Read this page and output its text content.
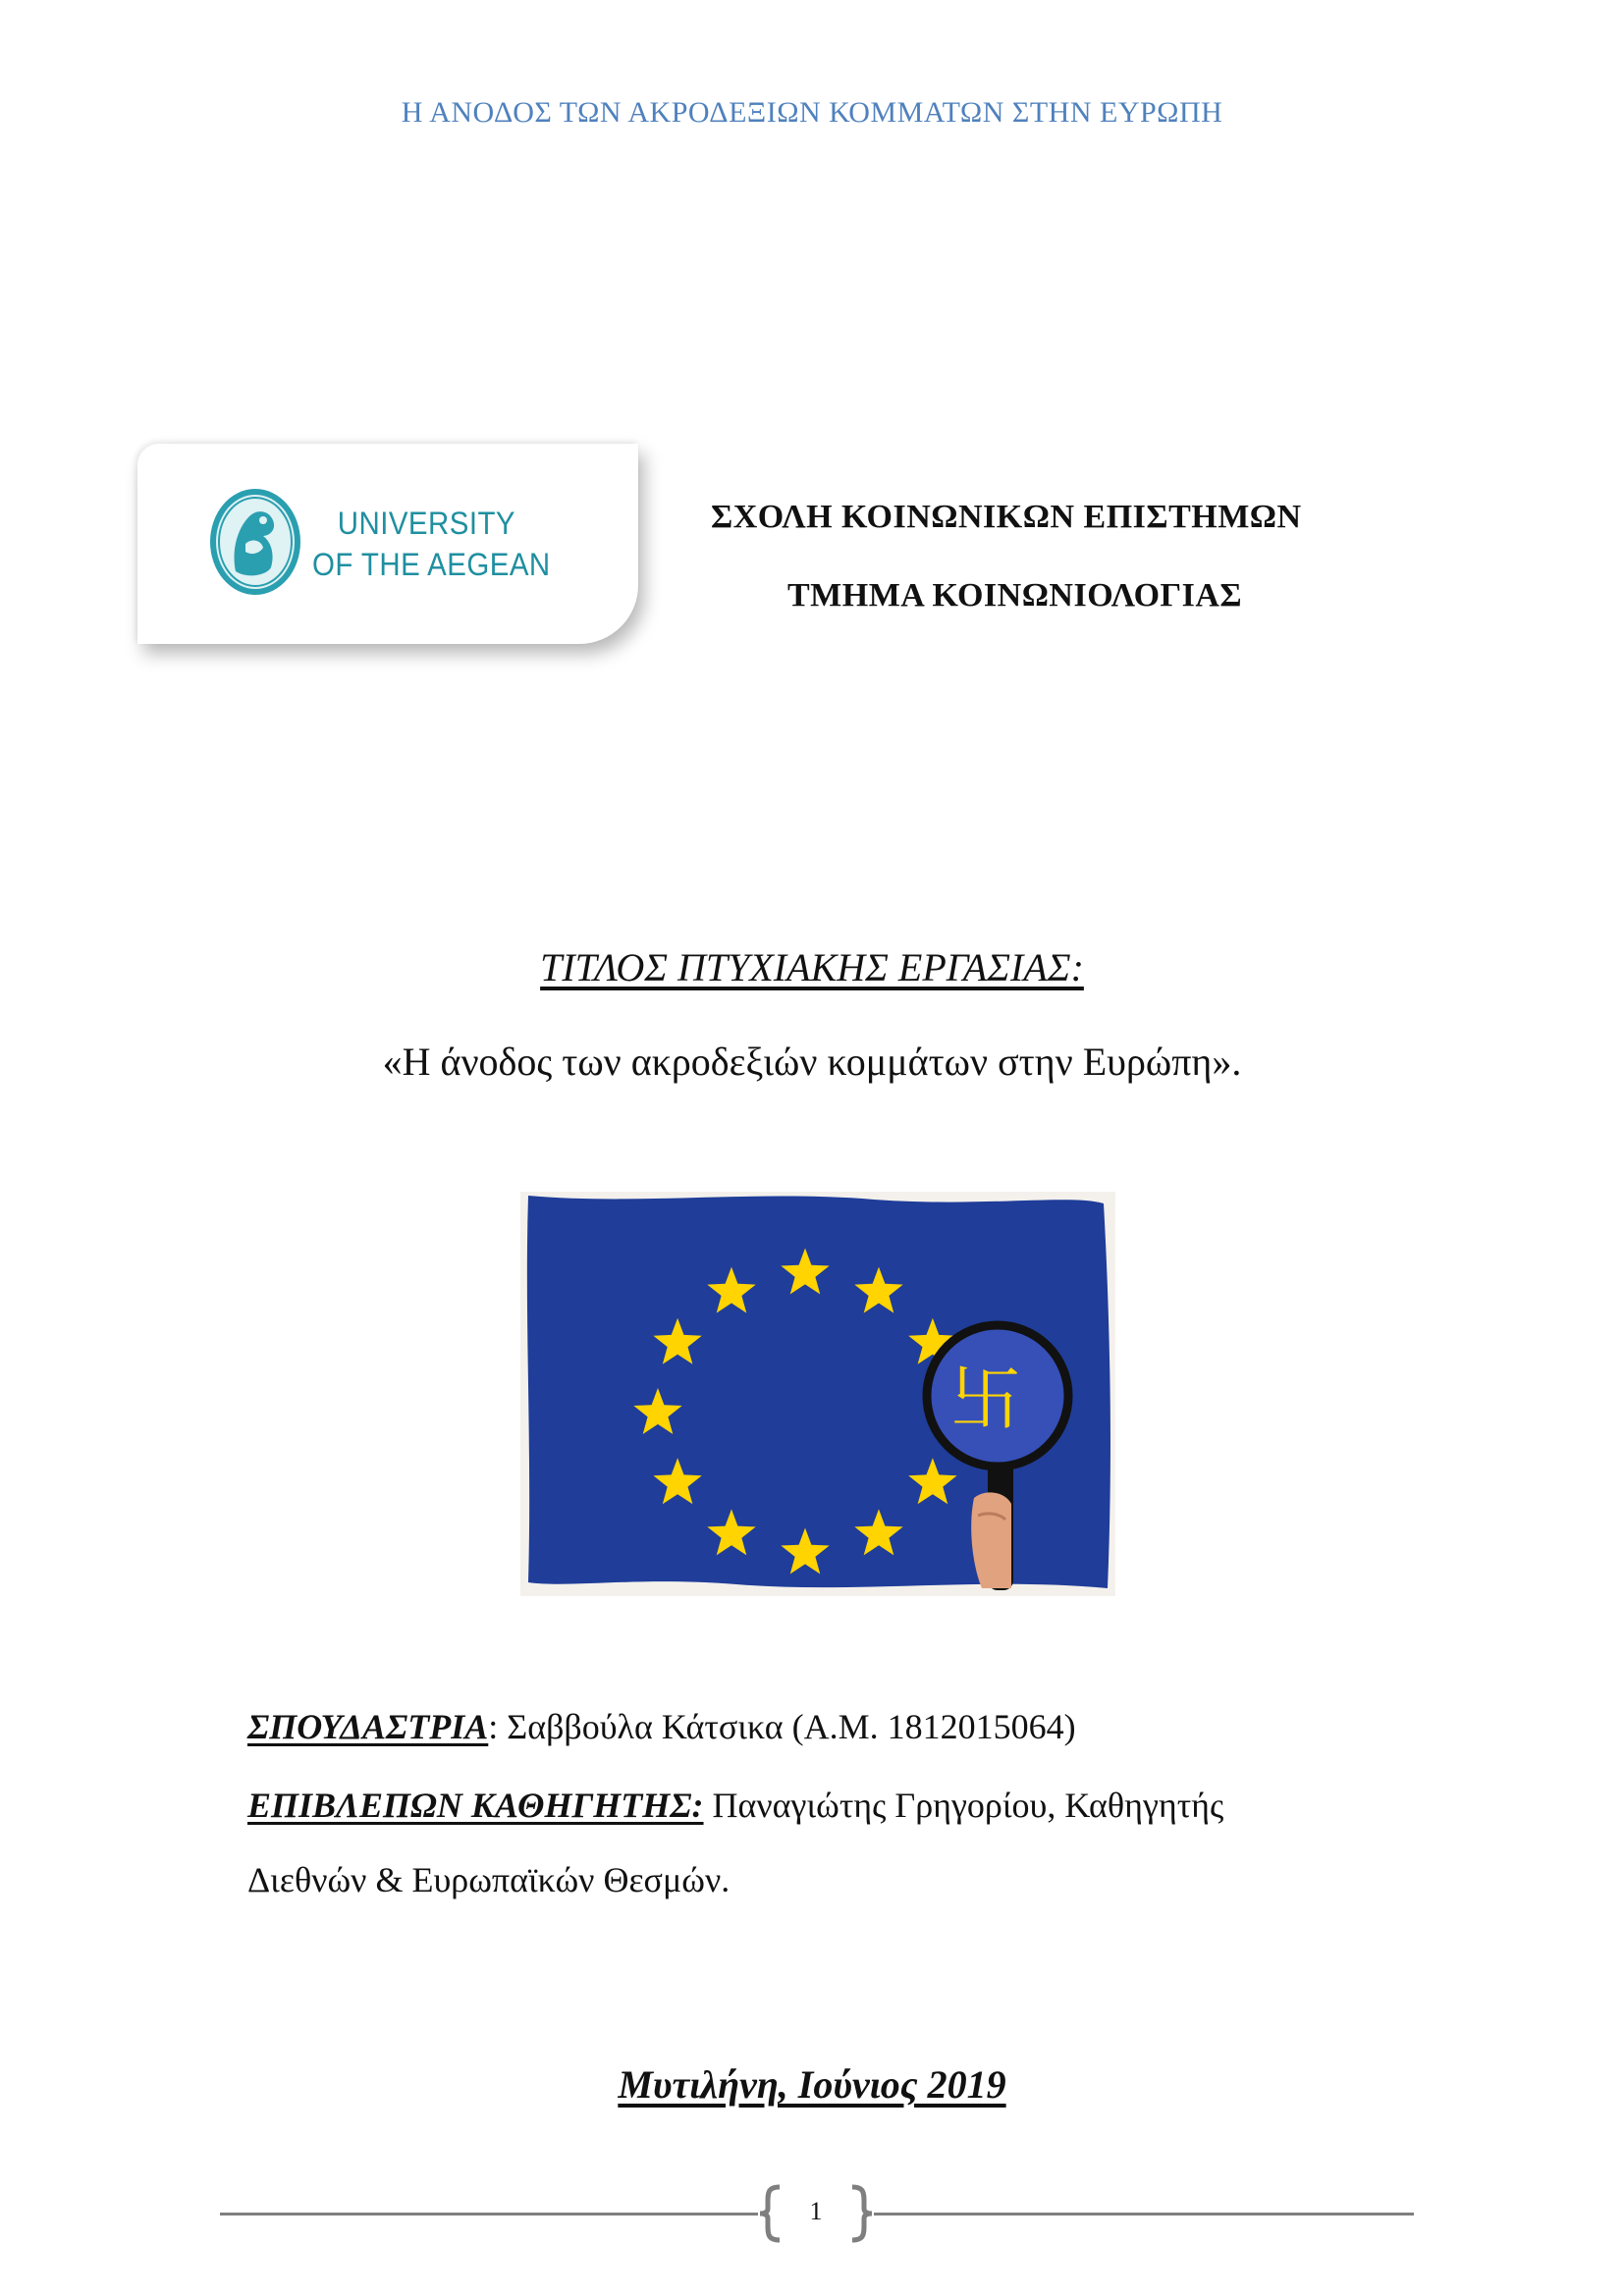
Η ΑΝΟΔΟΣ ΤΩΝ ΑΚΡΟΔΕΞΙΩΝ ΚΟΜΜΑΤΩΝ ΣΤΗΝ ΕΥΡΩΠΗ
UNIVERSITY
OF THE AEGEAN
ΣΧΟΛΗ ΚΟΙΝΩΝΙΚΩΝ ΕΠΙΣΤΗΜΩΝ
ΤΜΗΜΑ ΚΟΙΝΩΝΙΟΛΟΓΙΑΣ
ΤΙΤΛΟΣ ΠΤΥΧΙΑΚΗΣ ΕΡΓΑΣΙΑΣ:
«Η άνοδος των ακροδεξιών κομμάτων στην Ευρώπη».
卐
ΣΠΟΥΔΑΣΤΡΙΑ: Σαββούλα Κάτσικα (Α.Μ. 1812015064)
ΕΠΙΒΛΕΠΩΝ ΚΑΘΗΓΗΤΗΣ: Παναγιώτης Γρηγορίου, Καθηγητής
Διεθνών & Ευρωπαϊκών Θεσμών.
Μυτιλήνη, Ιούνιος 2019
1
